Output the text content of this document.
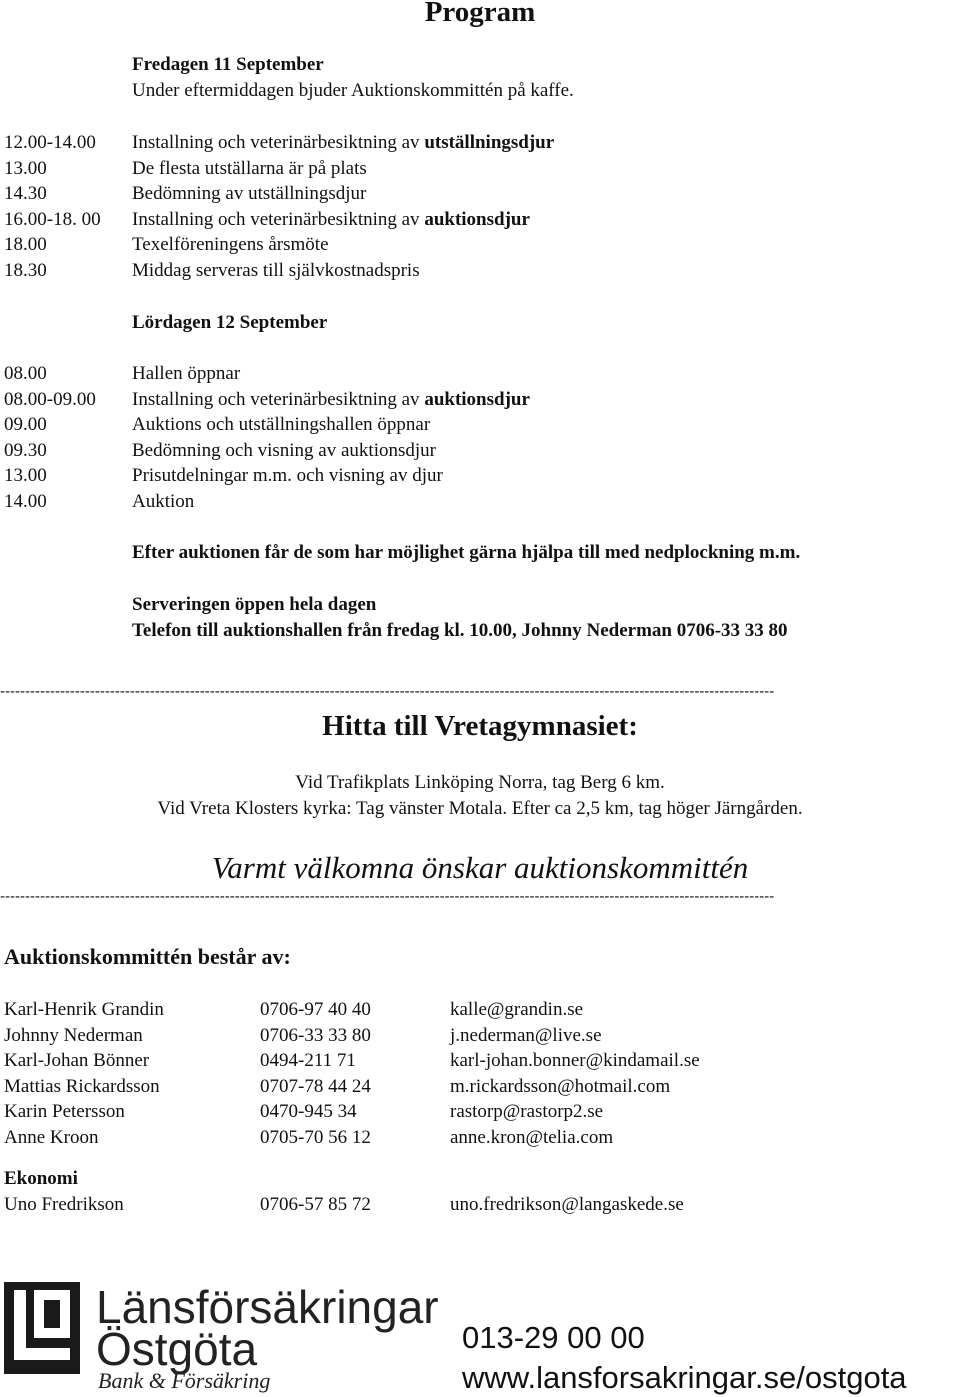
Program
Fredagen 11 September
Under eftermiddagen bjuder Auktionskommittén på kaffe.
12.00-14.00 Installning och veterinärbesiktning av utställningsdjur
13.00	De flesta utställarna är på plats
14.30	Bedömning av utställningsdjur
16.00-18. 00 Installning och veterinärbesiktning av auktionsdjur
18.00	Texelföreningens årsmöte
18.30	Middag serveras till självkostnadspris
Lördagen 12 September
08.00	Hallen öppnar
08.00-09.00 Installning och veterinärbesiktning av auktionsdjur
09.00	Auktions och utställningshallen öppnar
09.30	Bedömning och visning av auktionsdjur
13.00	Prisutdelningar m.m. och visning av djur
14.00	Auktion
Efter auktionen får de som har möjlighet gärna hjälpa till med nedplockning m.m.
Serveringen öppen hela dagen
Telefon till auktionshallen från fredag kl. 10.00, Johnny Nederman 0706-33 33 80
-----------------------------------------------------------------------------------------------------------------------------------------------------------
Hitta till Vretagymnasiet:
Vid Trafikplats Linköping Norra, tag Berg 6 km.
Vid Vreta Klosters kyrka: Tag vänster Motala. Efter ca 2,5 km, tag höger Järngården.
Varmt välkomna önskar auktionskommittén
-----------------------------------------------------------------------------------------------------------------------------------------------------------
Auktionskommittén består av:
Karl-Henrik Grandin	0706-97 40 40	kalle@grandin.se
Johnny Nederman	0706-33 33 80	j.nederman@live.se
Karl-Johan Bönner	0494-211 71	karl-johan.bonner@kindamail.se
Mattias Rickardsson	0707-78 44 24	m.rickardsson@hotmail.com
Karin Petersson	0470-945 34	rastorp@rastorp2.se
Anne Kroon	0705-70 56 12	anne.kron@telia.com
Ekonomi
Uno Fredrikson	0706-57 85 72	uno.fredrikson@langaskede.se
Länsförsäkringar
Östgöta
Bank & Försäkring
013-29 00 00
www.lansforsakringar.se/ostgota
